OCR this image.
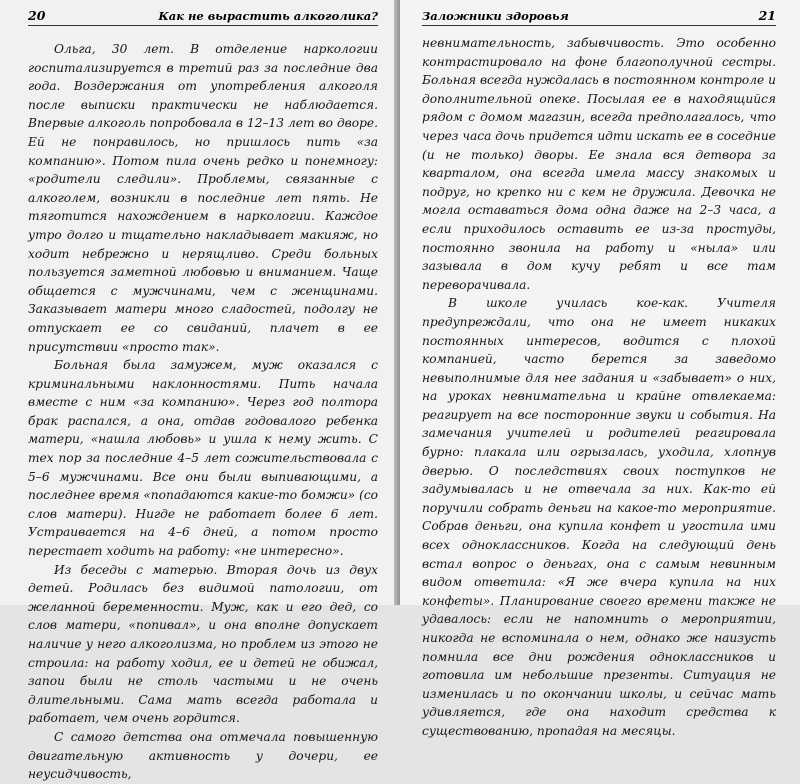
20	Как не вырастить алкоголика?

Ольга, 30 лет. В отделение наркологии госпитализируется в третий раз за последние два года. Воздержания от употребления алкоголя после выписки практически не наблюдается. Впервые алкоголь попробовала в 12–13 лет во дворе. Ей не понравилось, но пришлось пить «за компанию». Потом пила очень редко и понемногу: «родители следили». Проблемы, связанные с алкоголем, возникли в последние лет пять. Не тяготится нахождением в наркологии. Каждое утро долго и тщательно накладывает макияж, но ходит небрежно и нерящливо. Среди больных пользуется заметной любовью и вниманием. Чаще общается с мужчинами, чем с женщинами. Заказывает матери много сладостей, подолгу не отпускает ее со свиданий, плачет в ее присутствии «просто так».

Больная была замужем, муж оказался с криминальными наклонностями. Пить начала вместе с ним «за компанию». Через год полтора брак распался, а она, отдав годовалого ребенка матери, «нашла любовь» и ушла к нему жить. С тех пор за последние 4–5 лет сожительствовала с 5–6 мужчинами. Все они были выпивающими, а последнее время «попадаются какие-то бомжи» (со слов матери). Нигде не работает более 6 лет. Устраивается на 4–6 дней, а потом просто перестает ходить на работу: «не интересно».

Из беседы с матерью. Вторая дочь из двух детей. Родилась без видимой патологии, от желанной беременности. Муж, как и его дед, со слов матери, «попивал», и она вполне допускает наличие у него алкоголизма, но проблем из этого не строила: на работу ходил, ее и детей не обижал, запои были не столь частыми и не очень длительными. Сама мать всегда работала и работает, чем очень гордится.

С самого детства она отмечала повышенную двигательную активность у дочери, ее неусидчивость,

Заложники здоровья	21

невнимательность, забывчивость. Это особенно контрастировало на фоне благополучной сестры. Больная всегда нуждалась в постоянном контроле и дополнительной опеке. Посылая ее в находящийся рядом с домом магазин, всегда предполагалось, что через часа дочь придется идти искать ее в соседние (и не только) дворы. Ее знала вся детвора за кварталом, она всегда имела массу знакомых и подруг, но крепко ни с кем не дружила. Девочка не могла оставаться дома одна даже на 2–3 часа, а если приходилось оставить ее из-за простуды, постоянно звонила на работу и «ныла» или зазывала в дом кучу ребят и все там переворачивала.

В школе училась кое-как. Учителя предупреждали, что она не имеет никаких постоянных интересов, водится с плохой компанией, часто берется за заведомо невыполнимые для нее задания и «забывает» о них, на уроках невнимательна и крайне отвлекаема: реагирует на все посторонние звуки и события. На замечания учителей и родителей реагировала бурно: плакала или огрызалась, уходила, хлопнув дверью. О последствиях своих поступков не задумывалась и не отвечала за них. Как-то ей поручили собрать деньги на какое-то мероприятие. Собрав деньги, она купила конфет и угостила ими всех одноклассников. Когда на следующий день встал вопрос о деньгах, она с самым невинным видом ответила: «Я же вчера купила на них конфеты». Планирование своего времени также не удавалось: если не напомнить о мероприятии, никогда не вспоминала о нем, однако же наизусть помнила все дни рождения одноклассников и готовила им небольшие презенты. Ситуация не изменилась и по окончании школы, и сейчас мать удивляется, где она находит средства к существованию, пропадая на месяцы.
